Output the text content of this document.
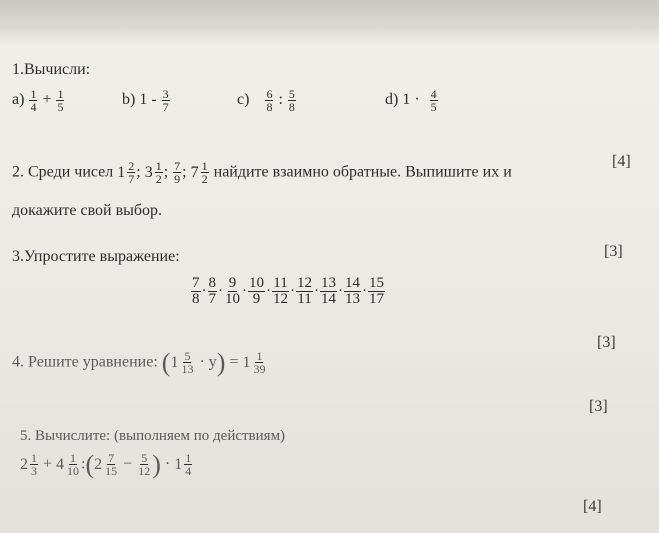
1.Вычисли:
$a) \frac{1}{4} + \frac{1}{5}$	b) $1 - \frac{3}{7}$	$c) \frac{6}{8}$ : $\frac{5}{8}$	d) $1 \cdot \frac{4}{5}$
[4]
2. Среди чисел $1 \frac{2}{7}$ ; $3 \frac{1}{2}$ ; $\frac{7}{9}$ ; $7 \frac{1}{2}$ найдите взаимно обратные. Выпишите их и
докажите свой выбор.
[3]
3.Упростите выражение:
$\frac{7}{8} \cdot \frac{8}{7} \cdot \frac{9}{10} \cdot \frac{10}{9} \cdot \frac{11}{12} \cdot \frac{12}{11} \cdot \frac{13}{14} \cdot \frac{14}{13} \cdot \frac{15}{17}$
[3]
4. Решите уравнение: ( $1 \frac{5}{13} \cdot y) = 1 \frac{1}{39}$
[3]
5. Вычислите: (выполняем по действиям)
$2 \frac{1}{3} + 4 \frac{1}{10}$ :( $2 \frac{7}{15} - \frac{5}{12}$ ) · $1 \frac{1}{4}$
[4]
